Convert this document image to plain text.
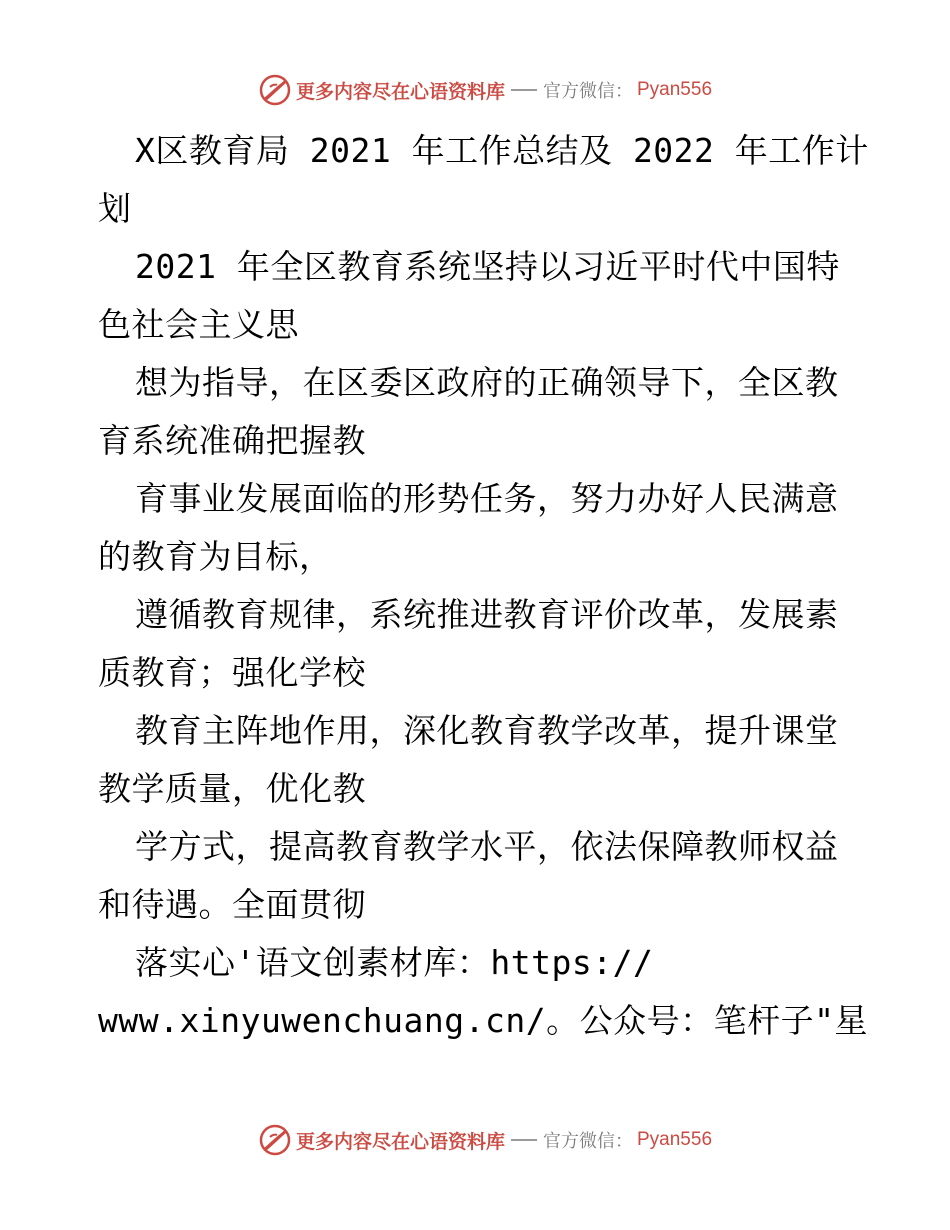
更多内容尽在心语资料库 官方微信： Pyan556
X区教育局 2021 年工作总结及 2022 年工作计
划
2021 年全区教育系统坚持以习近平时代中国特
色社会主义思
想为指导，在区委区政府的正确领导下，全区教
育系统准确把握教
育事业发展面临的形势任务，努力办好人民满意
的教育为目标，
遵循教育规律，系统推进教育评价改革，发展素
质教育；强化学校
教育主阵地作用，深化教育教学改革，提升课堂
教学质量，优化教
学方式，提高教育教学水平，依法保障教师权益
和待遇。全面贯彻
落实心'语文创素材库：https://
www.xinyuwenchuang.cn/。公众号：笔杆子"星
更多内容尽在心语资料库 官方微信： Pyan556
